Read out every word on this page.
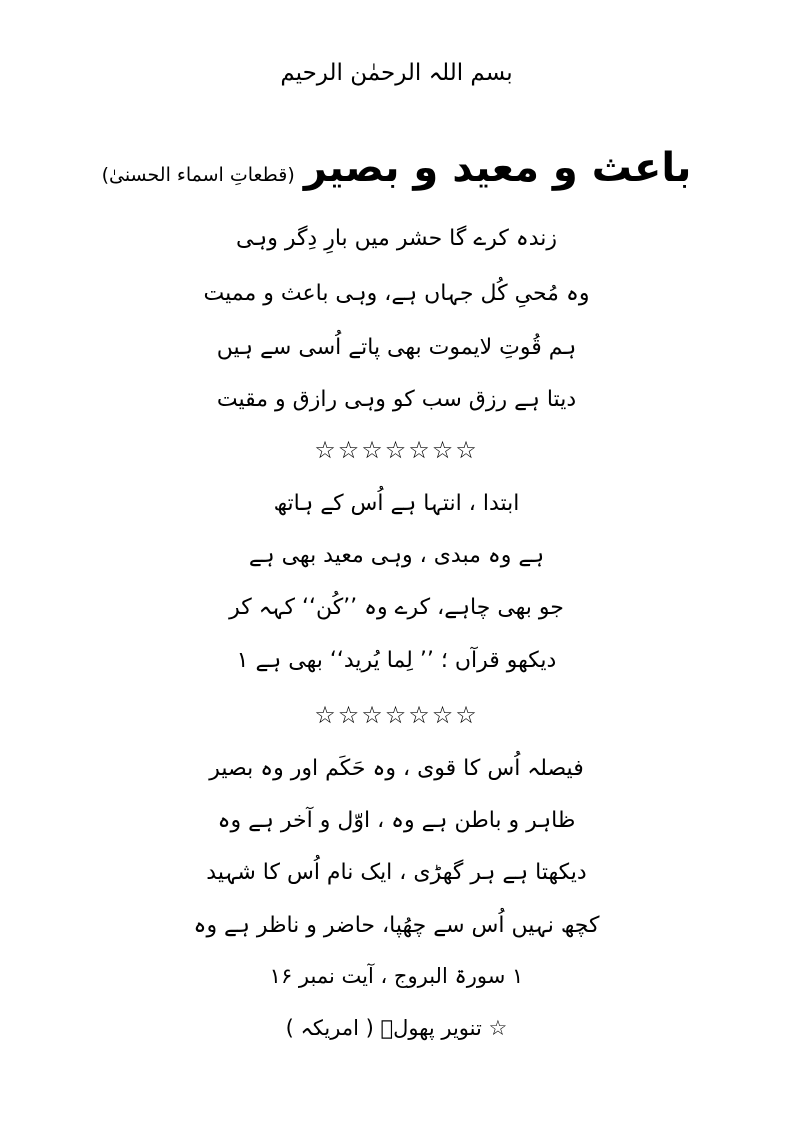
بسم اللہ الرحمٰن الرحیم
باعث و معید و بصیر (قطعاتِ اسماء الحسنیٰ)
زندہ کرے گا حشر میں بارِ دِگر وہی
وہ مُحیِ کُل جہاں ہے، وہی باعث و ممیت
ہم قُوتِ لایموت بھی پاتے اُسی سے ہیں
دیتا ہے رزق سب کو وہی رازق و مقیت
☆☆☆☆☆☆☆
ابتدا ، انتہا ہے اُس کے ہاتھ
ہے وہ مبدی ، وہی معید بھی ہے
جو بھی چاہے، کرے وہ ’’کُن‘‘ کہہ کر
دیکھو قرآں ؛ ’’ لِما یُرید‘‘ بھی ہے ۱
☆☆☆☆☆☆☆
فیصلہ اُس کا قوی ، وہ حَکَم اور وہ بصیر
ظاہر و باطن ہے وہ ، اوّل و آخر ہے وہ
دیکھتا ہے ہر گھڑی ، ایک نام اُس کا شہید
کچھ نہیں اُس سے چھُپا، حاضر و ناظر ہے وہ
۱ سورۃ البروج ، آیت نمبر ۱۶
☆ تنویر پھولؔ ( امریکہ )
